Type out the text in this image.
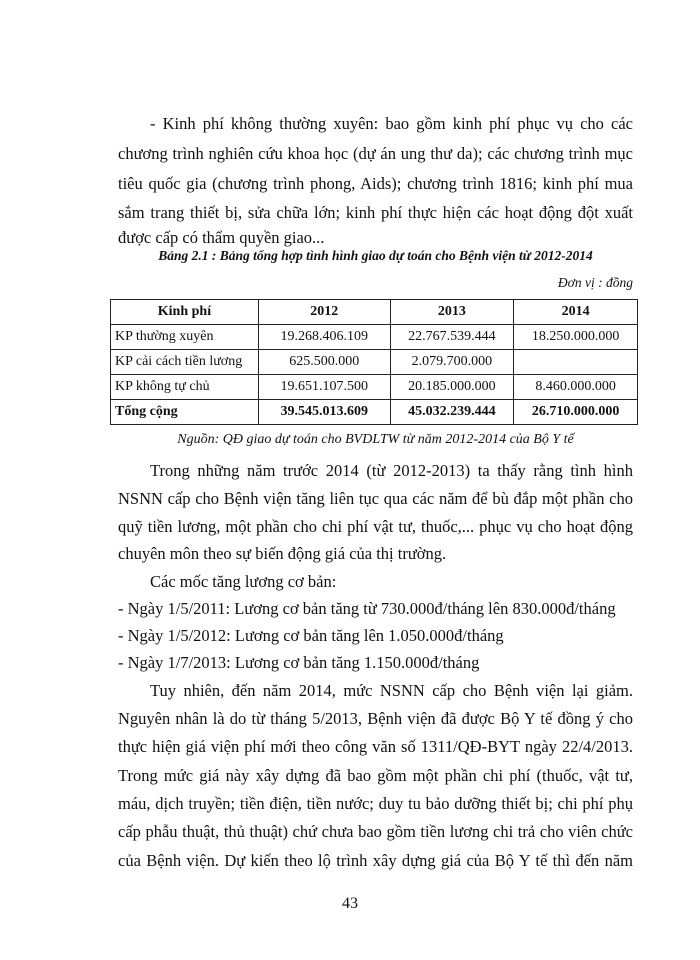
- Kinh phí không thường xuyên: bao gồm kinh phí phục vụ cho các
chương trình nghiên cứu khoa học (dự án ung thư da); các chương trình mục
tiêu quốc gia (chương trình phong, Aids); chương trình 1816; kinh phí mua
sắm trang thiết bị, sửa chữa lớn; kinh phí thực hiện các hoạt động đột xuất
được cấp có thẩm quyền giao...
Bảng 2.1 : Bảng tổng hợp tình hình giao dự toán cho Bệnh viện từ 2012-2014
Đơn vị : đồng
Kinh phí	2012	2013	2014
KP thường xuyên	19.268.406.109	22.767.539.444	18.250.000.000
KP cải cách tiền lương	625.500.000	2.079.700.000	
KP không tự chủ	19.651.107.500	20.185.000.000	8.460.000.000
Tổng cộng	39.545.013.609	45.032.239.444	26.710.000.000
Nguồn: QĐ giao dự toán cho BVDLTW từ năm 2012-2014 của Bộ Y tế
Trong những năm trước 2014 (từ 2012-2013) ta thấy rằng tình hình
NSNN cấp cho Bệnh viện tăng liên tục qua các năm để bù đắp một phần cho
quỹ tiền lương, một phần cho chi phí vật tư, thuốc,... phục vụ cho hoạt động
chuyên môn theo sự biến động giá của thị trường.
Các mốc tăng lương cơ bản:
- Ngày 1/5/2011: Lương cơ bản tăng từ 730.000đ/tháng lên 830.000đ/tháng
- Ngày 1/5/2012: Lương cơ bản tăng lên 1.050.000đ/tháng
- Ngày 1/7/2013: Lương cơ bản tăng 1.150.000đ/tháng
Tuy nhiên, đến năm 2014, mức NSNN cấp cho Bệnh viện lại giảm.
Nguyên nhân là do từ tháng 5/2013, Bệnh viện đã được Bộ Y tế đồng ý cho
thực hiện giá viện phí mới theo công văn số 1311/QĐ-BYT ngày 22/4/2013.
Trong mức giá này xây dựng đã bao gồm một phần chi phí (thuốc, vật tư,
máu, dịch truyền; tiền điện, tiền nước; duy tu bảo dưỡng thiết bị; chi phí phụ
cấp phẫu thuật, thủ thuật) chứ chưa bao gồm tiền lương chi trả cho viên chức
của Bệnh viện. Dự kiến theo lộ trình xây dựng giá của Bộ Y tế thì đến năm
43
